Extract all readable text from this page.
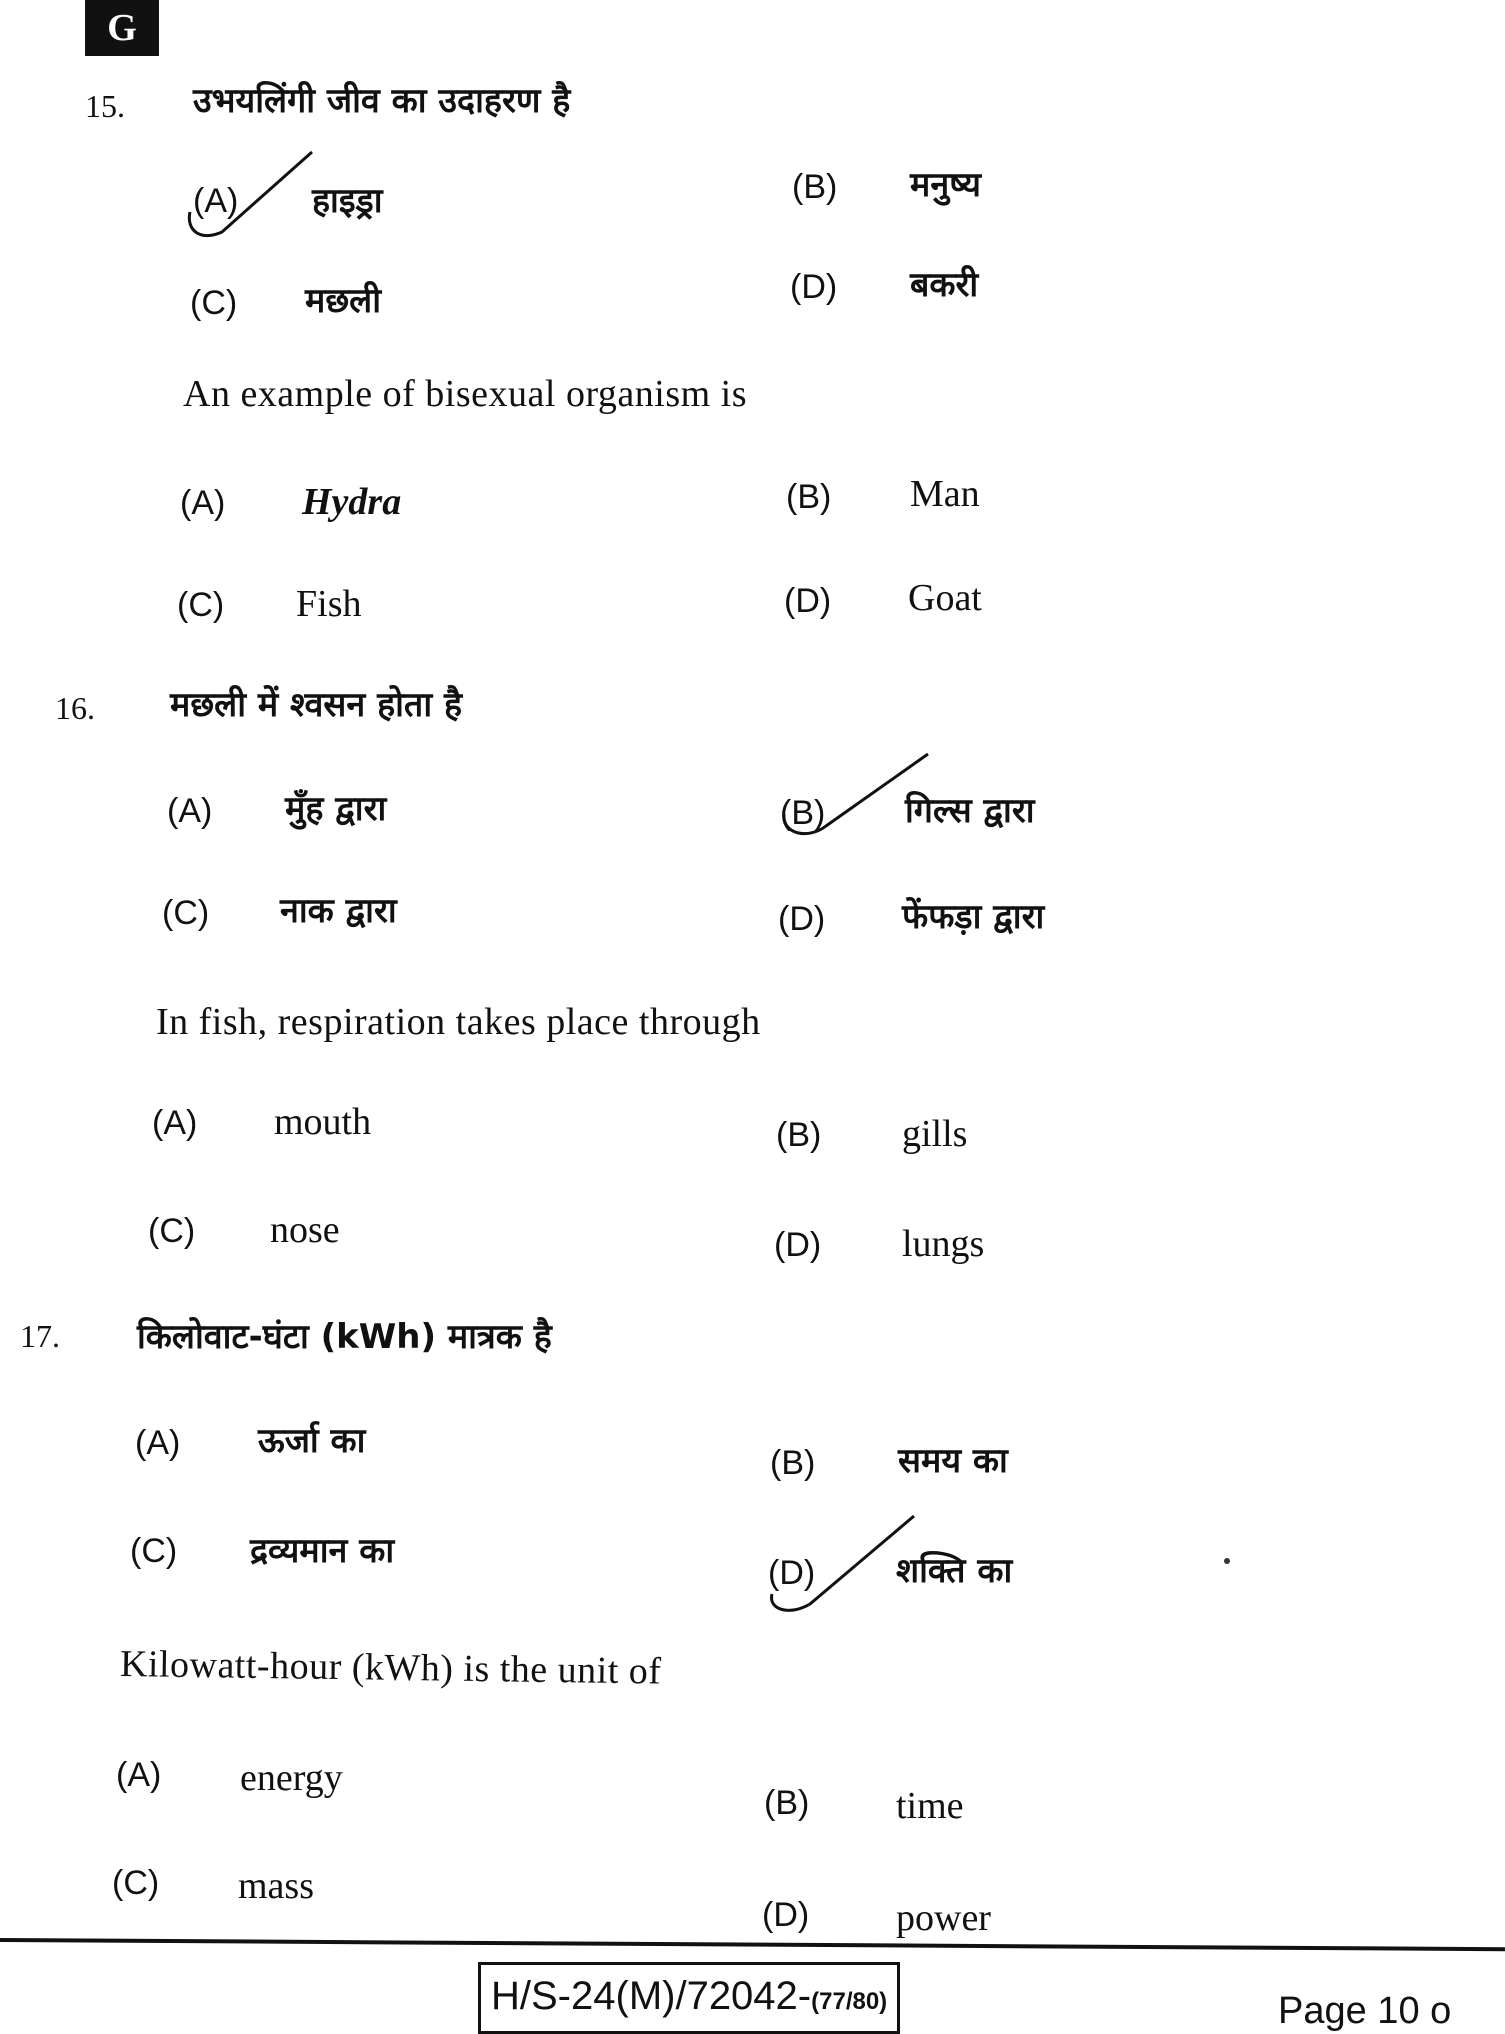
G
15. उभयलिंगी जीव का उदाहरण है
(A) हाइड्रा	(B) मनुष्य
(C) मछली	(D) बकरी
An example of bisexual organism is
(A) Hydra	(B) Man
(C) Fish	(D) Goat
16. मछली में श्वसन होता है
(A) मुँह द्वारा	(B) गिल्स द्वारा
(C) नाक द्वारा	(D) फेंफड़ा द्वारा
In fish, respiration takes place through
(A) mouth	(B) gills
(C) nose	(D) lungs
17. किलोवाट-घंटा (kWh) मात्रक है
(A) ऊर्जा का
(B) समय का
(C) द्रव्यमान का
(D) शक्ति का
Kilowatt-hour (kWh) is the unit of
(A) energy
(B) time
(C) mass
(D) power
H/S-24(M)/72042-(77/80)	Page 10 o
